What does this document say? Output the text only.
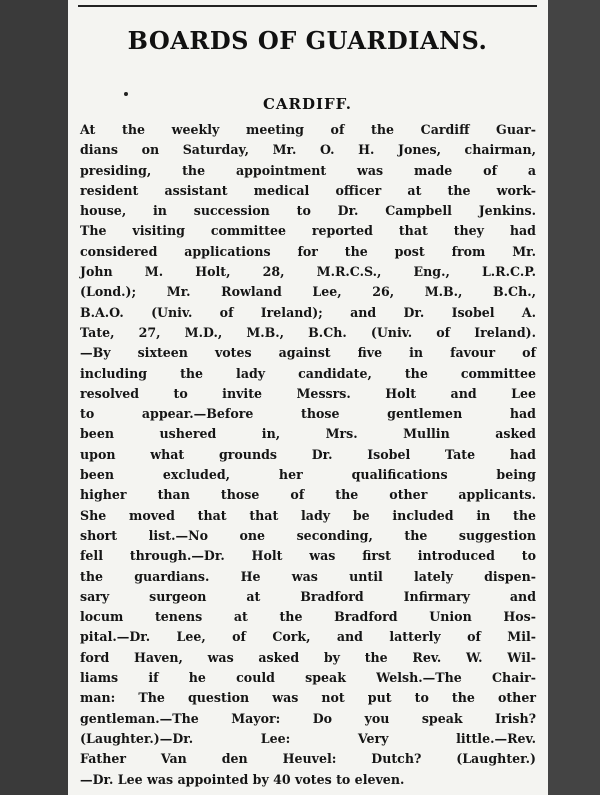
BOARDS OF GUARDIANS.
CARDIFF.
At the weekly meeting of the Cardiff Guar-
dians on Saturday, Mr. O. H. Jones, chairman,
presiding, the appointment was made of a
resident assistant medical officer at the work-
house, in succession to Dr. Campbell Jenkins.
The visiting committee reported that they had
considered applications for the post from Mr.
John M. Holt, 28, M.R.C.S., Eng., L.R.C.P.
(Lond.); Mr. Rowland Lee, 26, M.B., B.Ch.,
B.A.O. (Univ. of Ireland); and Dr. Isobel A.
Tate, 27, M.D., M.B., B.Ch. (Univ. of Ireland).
—By sixteen votes against five in favour of
including the lady candidate, the committee
resolved to invite Messrs. Holt and Lee
to appear.—Before those gentlemen had
been ushered in, Mrs. Mullin asked
upon what grounds Dr. Isobel Tate had
been excluded, her qualifications being
higher than those of the other applicants.
She moved that that lady be included in the
short list.—No one seconding, the suggestion
fell through.—Dr. Holt was first introduced to
the guardians. He was until lately dispen-
sary surgeon at Bradford Infirmary and
locum tenens at the Bradford Union Hos-
pital.—Dr. Lee, of Cork, and latterly of Mil-
ford Haven, was asked by the Rev. W. Wil-
liams if he could speak Welsh.—The Chair-
man: The question was not put to the other
gentleman.—The Mayor: Do you speak Irish?
(Laughter.)—Dr. Lee: Very little.—Rev.
Father Van den Heuvel: Dutch? (Laughter.)
—Dr. Lee was appointed by 40 votes to eleven.
